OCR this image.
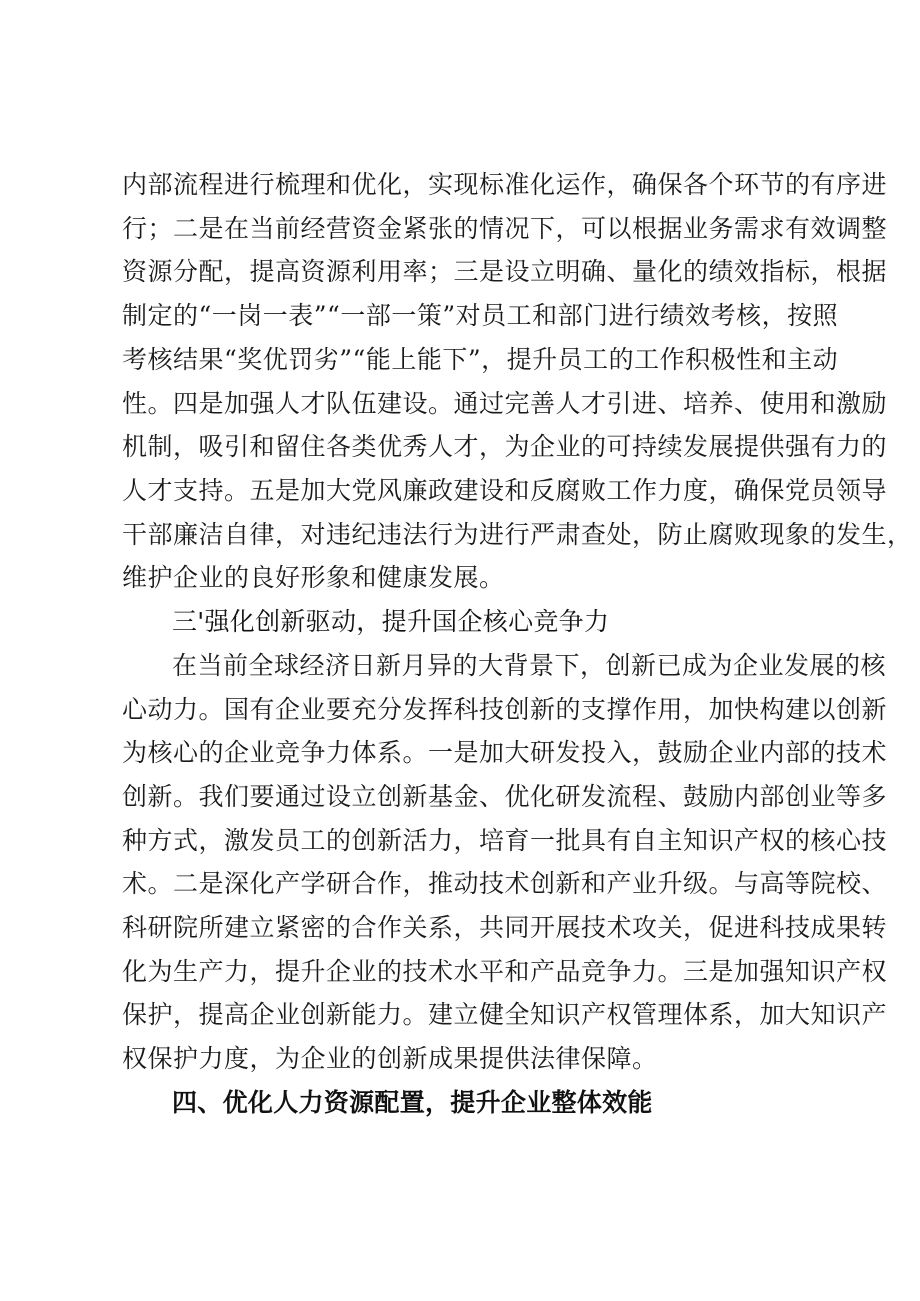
内部流程进行梳理和优化，实现标准化运作，确保各个环节的有序进
行；二是在当前经营资金紧张的情况下，可以根据业务需求有效调整
资源分配，提高资源利用率；三是设立明确、量化的绩效指标，根据
制定的“一岗一表”“一部一策”对员工和部门进行绩效考核，按照
考核结果“奖优罚劣”“能上能下”，提升员工的工作积极性和主动
性。四是加强人才队伍建设。通过完善人才引进、培养、使用和激励
机制，吸引和留住各类优秀人才，为企业的可持续发展提供强有力的
人才支持。五是加大党风廉政建设和反腐败工作力度，确保党员领导
干部廉洁自律，对违纪违法行为进行严肃查处，防止腐败现象的发生，
维护企业的良好形象和健康发展。
三'强化创新驱动，提升国企核心竞争力
在当前全球经济日新月异的大背景下，创新已成为企业发展的核
心动力。国有企业要充分发挥科技创新的支撑作用，加快构建以创新
为核心的企业竞争力体系。一是加大研发投入，鼓励企业内部的技术
创新。我们要通过设立创新基金、优化研发流程、鼓励内部创业等多
种方式，激发员工的创新活力，培育一批具有自主知识产权的核心技
术。二是深化产学研合作，推动技术创新和产业升级。与高等院校、
科研院所建立紧密的合作关系，共同开展技术攻关，促进科技成果转
化为生产力，提升企业的技术水平和产品竞争力。三是加强知识产权
保护，提高企业创新能力。建立健全知识产权管理体系，加大知识产
权保护力度，为企业的创新成果提供法律保障。
四、优化人力资源配置，提升企业整体效能
